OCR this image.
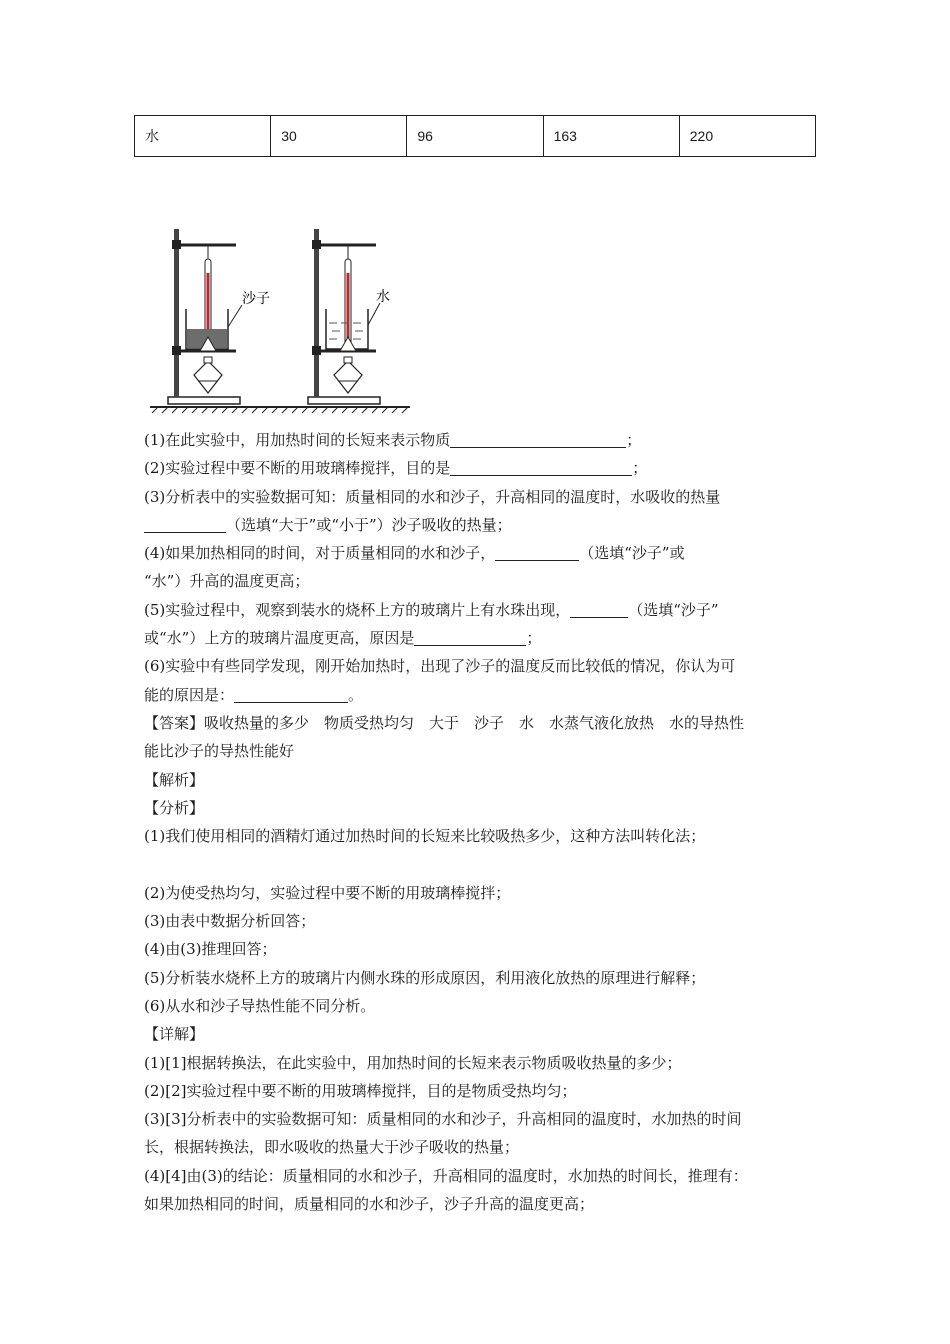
水	30	96	163	220
沙子	水
(1)在此实验中，用加热时间的长短来表示物质	；
(2)实验过程中要不断的用玻璃棒搅拌，目的是	；
(3)分析表中的实验数据可知：质量相同的水和沙子，升高相同的温度时，水吸收的热量
（选填“大于”或“小于”）沙子吸收的热量；
(4)如果加热相同的时间，对于质量相同的水和沙子，	（选填“沙子”或
“水”）升高的温度更高；
(5)实验过程中，观察到装水的烧杯上方的玻璃片上有水珠出现，	（选填“沙子”
或“水”）上方的玻璃片温度更高，原因是	；
(6)实验中有些同学发现，刚开始加热时，出现了沙子的温度反而比较低的情况，你认为可
能的原因是：	。
【答案】吸收热量的多少　物质受热均匀　大于　沙子　水　水蒸气液化放热　水的导热性
能比沙子的导热性能好
【解析】
【分析】
(1)我们使用相同的酒精灯通过加热时间的长短来比较吸热多少，这种方法叫转化法；
(2)为使受热均匀，实验过程中要不断的用玻璃棒搅拌；
(3)由表中数据分析回答；
(4)由(3)推理回答；
(5)分析装水烧杯上方的玻璃片内侧水珠的形成原因，利用液化放热的原理进行解释；
(6)从水和沙子导热性能不同分析。
【详解】
(1)[1]根据转换法，在此实验中，用加热时间的长短来表示物质吸收热量的多少；
(2)[2]实验过程中要不断的用玻璃棒搅拌，目的是物质受热均匀；
(3)[3]分析表中的实验数据可知：质量相同的水和沙子，升高相同的温度时，水加热的时间
长，根据转换法，即水吸收的热量大于沙子吸收的热量；
(4)[4]由(3)的结论：质量相同的水和沙子，升高相同的温度时，水加热的时间长，推理有：
如果加热相同的时间，质量相同的水和沙子，沙子升高的温度更高；
